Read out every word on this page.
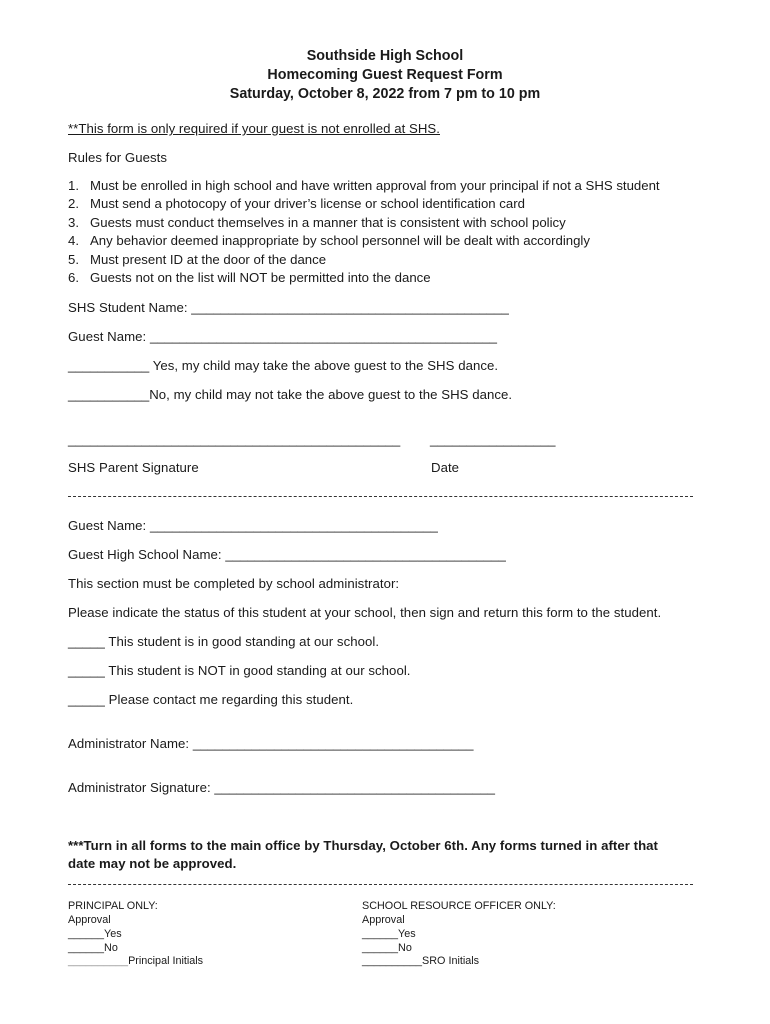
Southside High School
Homecoming Guest Request Form
Saturday, October 8, 2022 from 7 pm to 10 pm
**This form is only required if your guest is not enrolled at SHS.
Rules for Guests
1. Must be enrolled in high school and have written approval from your principal if not a SHS student
2. Must send a photocopy of your driver’s license or school identification card
3. Guests must conduct themselves in a manner that is consistent with school policy
4. Any behavior deemed inappropriate by school personnel will be dealt with accordingly
5. Must present ID at the door of the dance
6. Guests not on the list will NOT be permitted into the dance
SHS Student Name: ___________________________________________
Guest Name: _______________________________________________
___________ Yes, my child may take the above guest to the SHS dance.
___________No, my child may not take the above guest to the SHS dance.
_____________________________________________ _________________
SHS Parent Signature	Date
Guest Name: _______________________________________
Guest High School Name: ______________________________________
This section must be completed by school administrator:
Please indicate the status of this student at your school, then sign and return this form to the student.
_____ This student is in good standing at our school.
_____ This student is NOT in good standing at our school.
_____ Please contact me regarding this student.
Administrator Name: ______________________________________
Administrator Signature: ______________________________________
***Turn in all forms to the main office by Thursday, October 6th. Any forms turned in after that
date may not be approved.
PRINCIPAL ONLY:
Approval
______Yes
______No
__________Principal Initials
SCHOOL RESOURCE OFFICER ONLY:
Approval
______Yes
______No
__________SRO Initials
